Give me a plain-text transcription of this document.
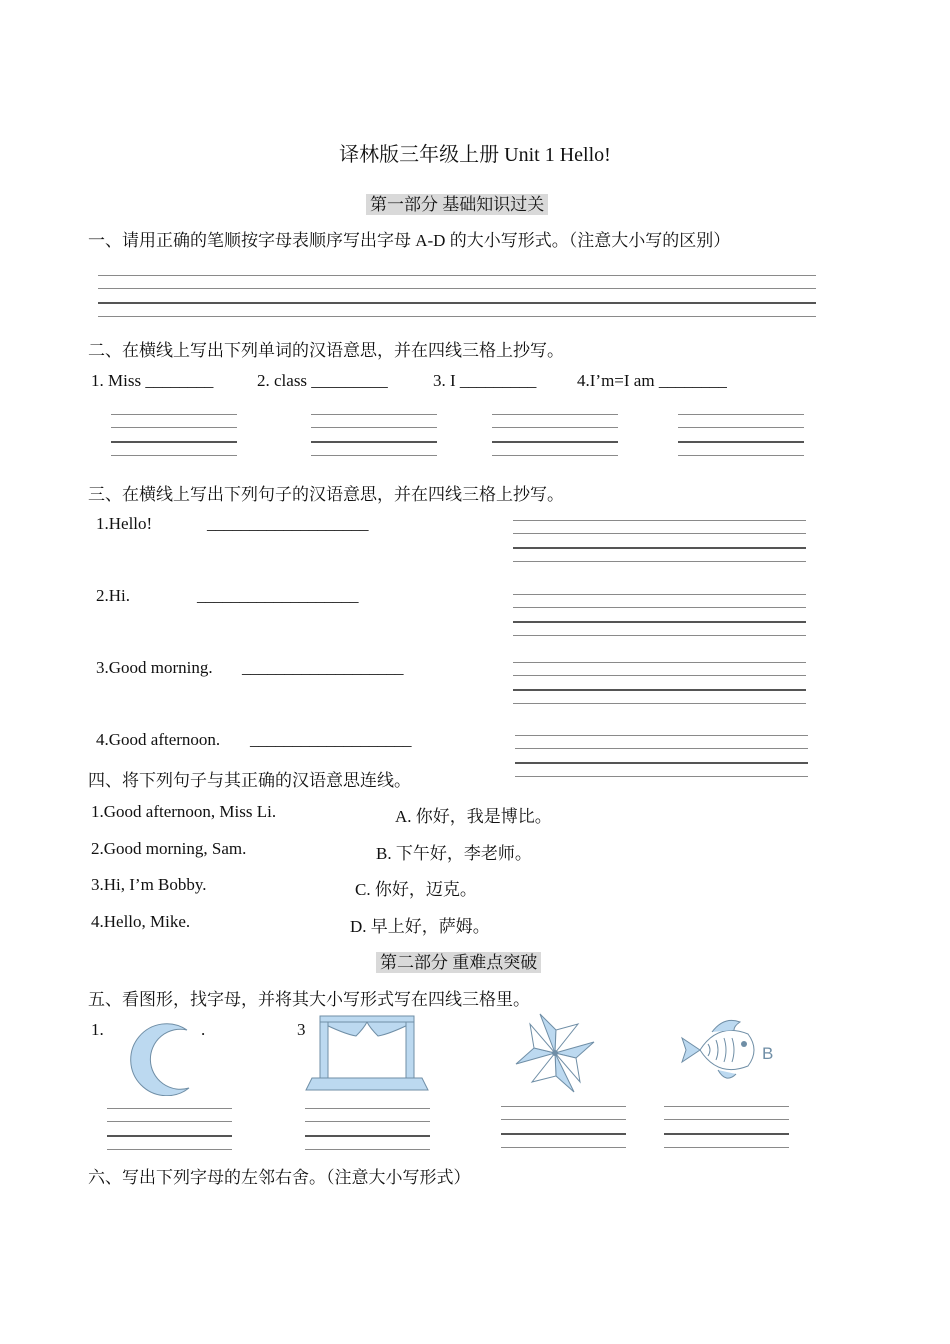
译林版三年级上册 Unit 1 Hello!
第一部分 基础知识过关
一、请用正确的笔顺按字母表顺序写出字母 A-D 的大小写形式。（注意大小写的区别）
二、在横线上写出下列单词的汉语意思，并在四线三格上抄写。
1. Miss ________	2. class _________	3. I _________ 4.I’m=I am ________
三、在横线上写出下列句子的汉语意思，并在四线三格上抄写。
1.Hello!	___________________
2.Hi.	___________________
3.Good morning. ___________________
4.Good afternoon. ___________________
四、将下列句子与其正确的汉语意思连线。
1.Good afternoon, Miss Li.	A. 你好，我是博比。
2.Good morning, Sam.	B. 下午好，李老师。
3.Hi, I’m Bobby.	C. 你好，迈克。
4.Hello, Mike.	D. 早上好，萨姆。
第二部分 重难点突破
五、看图形，找字母，并将其大小写形式写在四线三格里。
1.	.	3
B
六、写出下列字母的左邻右舍。（注意大小写形式）
